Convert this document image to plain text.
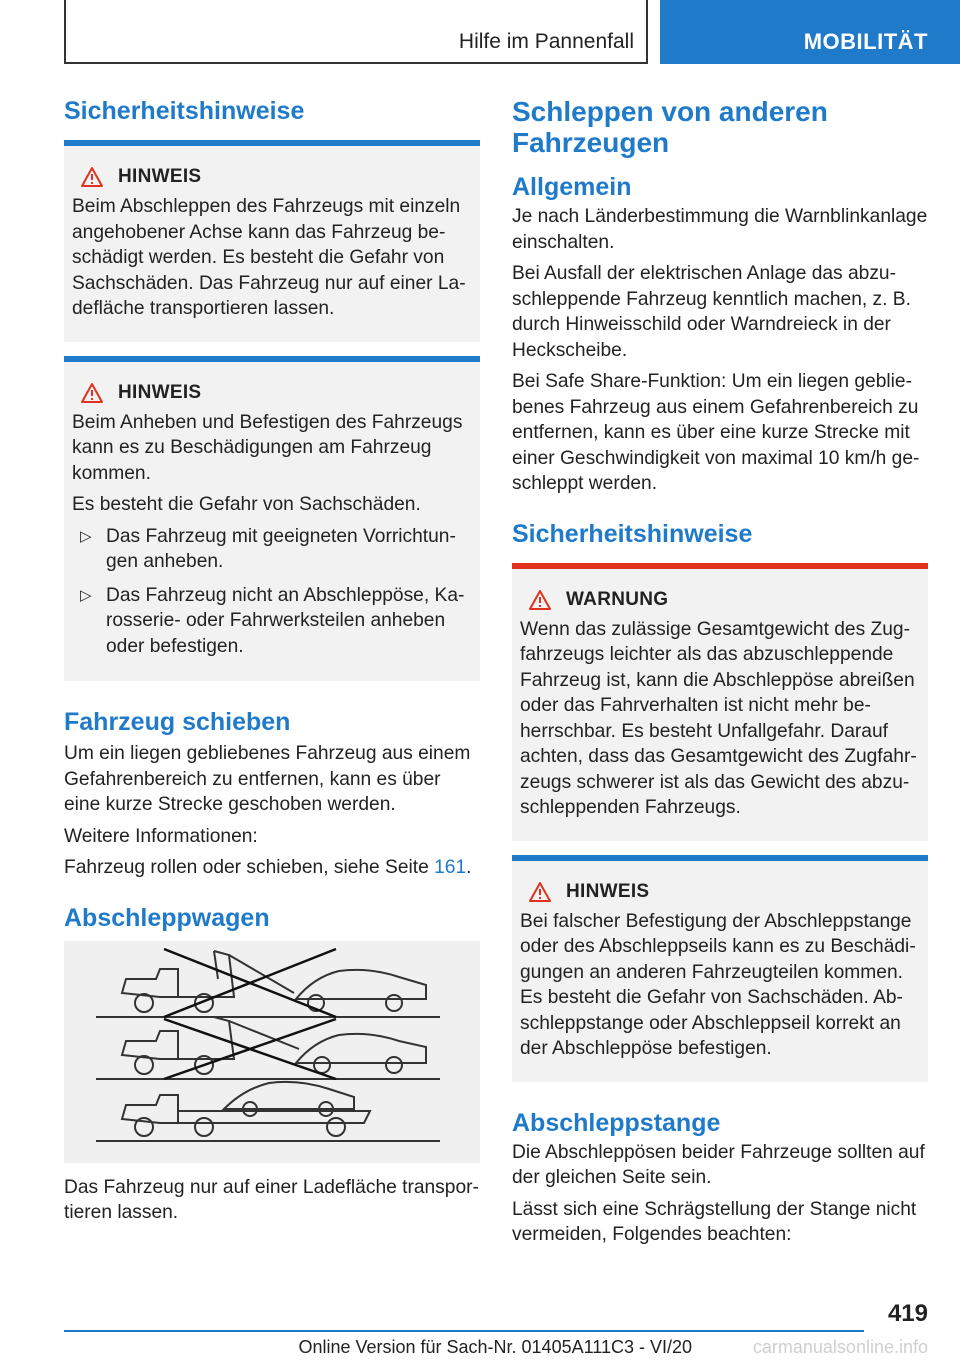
Hilfe im Pannenfall	MOBILITÄT
Sicherheitshinweise
HINWEIS

Beim Abschleppen des Fahrzeugs mit einzeln angehobener Achse kann das Fahrzeug beschädigt werden. Es besteht die Gefahr von Sachschäden. Das Fahrzeug nur auf einer Ladefläche transportieren lassen.

HINWEIS

Beim Anheben und Befestigen des Fahrzeugs kann es zu Beschädigungen am Fahrzeug kommen.

Es besteht die Gefahr von Sachschäden.

▷ Das Fahrzeug mit geeigneten Vorrichtungen anheben.
▷ Das Fahrzeug nicht an Abschleppöse, Karosserie- oder Fahrwerksteilen anheben oder befestigen.
Fahrzeug schieben

Um ein liegen gebliebenes Fahrzeug aus einem Gefahrenbereich zu entfernen, kann es über eine kurze Strecke geschoben werden.

Weitere Informationen:

Fahrzeug rollen oder schieben, siehe Seite 161.

Abschleppwagen

Das Fahrzeug nur auf einer Ladefläche transportieren lassen.

Schleppen von anderen Fahrzeugen
Allgemein

Je nach Länderbestimmung die Warnblinkanlage einschalten.

Bei Ausfall der elektrischen Anlage das abzuschleppende Fahrzeug kenntlich machen, z. B. durch Hinweisschild oder Warndreieck in der Heckscheibe.

Bei Safe Share-Funktion: Um ein liegen gebliebenes Fahrzeug aus einem Gefahrenbereich zu entfernen, kann es über eine kurze Strecke mit einer Geschwindigkeit von maximal 10 km/h geschleppt werden.

Sicherheitshinweise
WARNUNG

Wenn das zulässige Gesamtgewicht des Zugfahrzeugs leichter als das abzuschleppende Fahrzeug ist, kann die Abschleppöse abreißen oder das Fahrverhalten ist nicht mehr beherrschbar. Es besteht Unfallgefahr. Darauf achten, dass das Gesamtgewicht des Zugfahrzeugs schwerer ist als das Gewicht des abzuschleppenden Fahrzeugs.

HINWEIS

Bei falscher Befestigung der Abschleppstange oder des Abschleppseils kann es zu Beschädigungen an anderen Fahrzeugteilen kommen. Es besteht die Gefahr von Sachschäden. Abschleppstange oder Abschleppseil korrekt an der Abschleppöse befestigen.

Abschleppstange

Die Abschleppösen beider Fahrzeuge sollten auf der gleichen Seite sein.

Lässt sich eine Schrägstellung der Stange nicht vermeiden, Folgendes beachten:

419
Online Version für Sach-Nr. 01405A111C3 - VI/20	carmanualsonline.info
